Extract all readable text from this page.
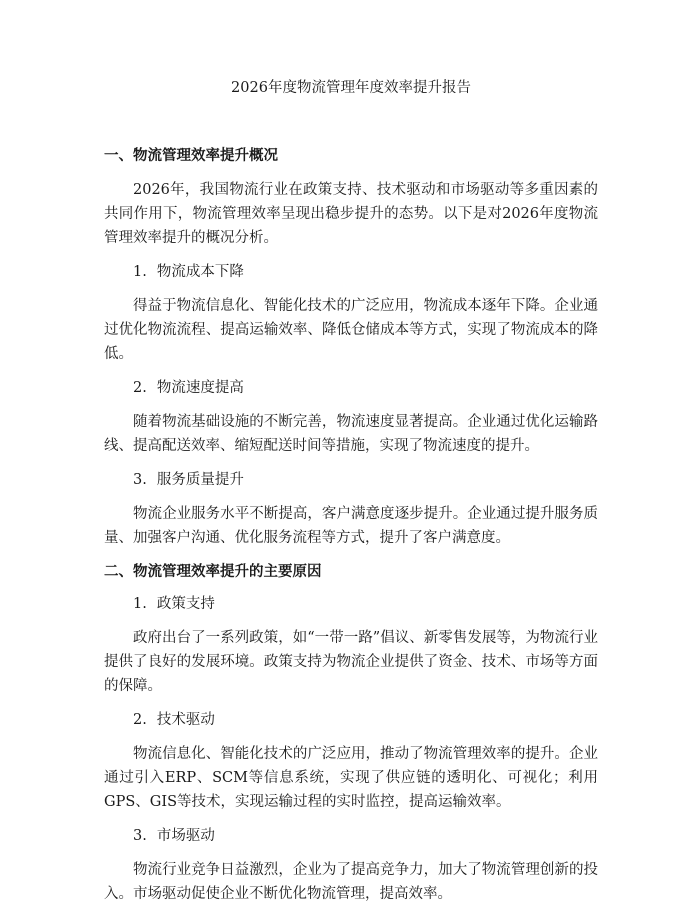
2026年度物流管理年度效率提升报告
一、物流管理效率提升概况

2026年，我国物流行业在政策支持、技术驱动和市场驱动等多重因素的共同作用下，物流管理效率呈现出稳步提升的态势。以下是对2026年度物流管理效率提升的概况分析。

1. 物流成本下降

得益于物流信息化、智能化技术的广泛应用，物流成本逐年下降。企业通过优化物流流程、提高运输效率、降低仓储成本等方式，实现了物流成本的降低。

2. 物流速度提高

随着物流基础设施的不断完善，物流速度显著提高。企业通过优化运输路线、提高配送效率、缩短配送时间等措施，实现了物流速度的提升。

3. 服务质量提升

物流企业服务水平不断提高，客户满意度逐步提升。企业通过提升服务质量、加强客户沟通、优化服务流程等方式，提升了客户满意度。

二、物流管理效率提升的主要原因
1. 政策支持

政府出台了一系列政策，如“一带一路”倡议、新零售发展等，为物流行业提供了良好的发展环境。政策支持为物流企业提供了资金、技术、市场等方面的保障。

2. 技术驱动

物流信息化、智能化技术的广泛应用，推动了物流管理效率的提升。企业通过引入ERP、SCM等信息系统，实现了供应链的透明化、可视化；利用GPS、GIS等技术，实现运输过程的实时监控，提高运输效率。

3. 市场驱动

物流行业竞争日益激烈，企业为了提高竞争力，加大了物流管理创新的投入。市场驱动促使企业不断优化物流管理，提高效率。
